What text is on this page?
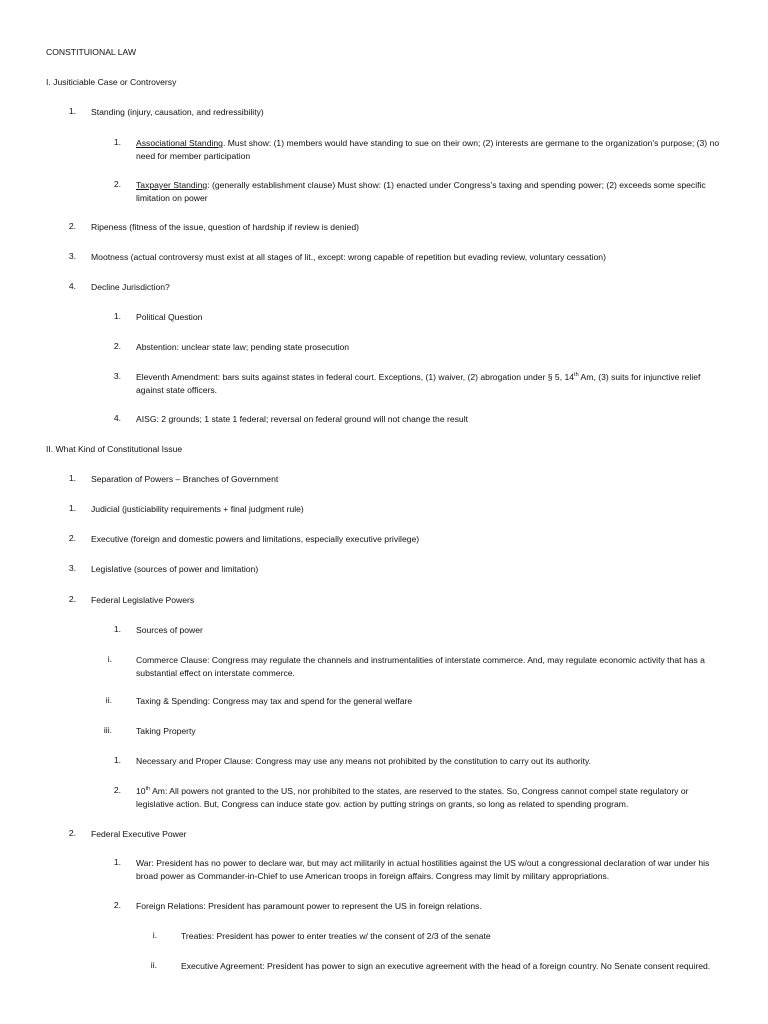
CONSTITUIONAL LAW
I. Jusiticiable Case or Controversy
1. Standing (injury, causation, and redressibility)
1. Associational Standing. Must show: (1) members would have standing to sue on their own; (2) interests are germane to the organization’s purpose; (3) no need for member participation
2. Taxpayer Standing: (generally establishment clause) Must show: (1) enacted under Congress’s taxing and spending power; (2) exceeds some specific limitation on power
2. Ripeness (fitness of the issue, question of hardship if review is denied)
3. Mootness (actual controversy must exist at all stages of lit., except: wrong capable of repetition but evading review, voluntary cessation)
4. Decline Jurisdiction?
1. Political Question
2. Abstention: unclear state law; pending state prosecution
3. Eleventh Amendment: bars suits against states in federal court. Exceptions, (1) waiver, (2) abrogation under § 5, 14th Am, (3) suits for injunctive relief against state officers.
4. AISG: 2 grounds; 1 state 1 federal; reversal on federal ground will not change the result
II. What Kind of Constitutional Issue
1. Separation of Powers – Branches of Government
1. Judicial (justiciability requirements + final judgment rule)
2. Executive (foreign and domestic powers and limitations, especially executive privilege)
3. Legislative (sources of power and limitation)
2. Federal Legislative Powers
1. Sources of power
i.	Commerce Clause: Congress may regulate the channels and instrumentalities of interstate commerce. And, may regulate economic activity that has a substantial effect on interstate commerce.
ii.	Taxing & Spending: Congress may tax and spend for the general welfare
iii.	Taking Property
1. Necessary and Proper Clause: Congress may use any means not prohibited by the constitution to carry out its authority.
2. 10th Am: All powers not granted to the US, nor prohibited to the states, are reserved to the states. So, Congress cannot compel state regulatory or legislative action. But, Congress can induce state gov. action by putting strings on grants, so long as related to spending program.
2. Federal Executive Power
1. War: President has no power to declare war, but may act militarily in actual hostilities against the US w/out a congressional declaration of war under his broad power as Commander-in-Chief to use American troops in foreign affairs. Congress may limit by military appropriations.
2. Foreign Relations: President has paramount power to represent the US in foreign relations.
i.	Treaties: President has power to enter treaties w/ the consent of 2/3 of the senate
ii.	Executive Agreement: President has power to sign an executive agreement with the head of a foreign country. No Senate consent required.
